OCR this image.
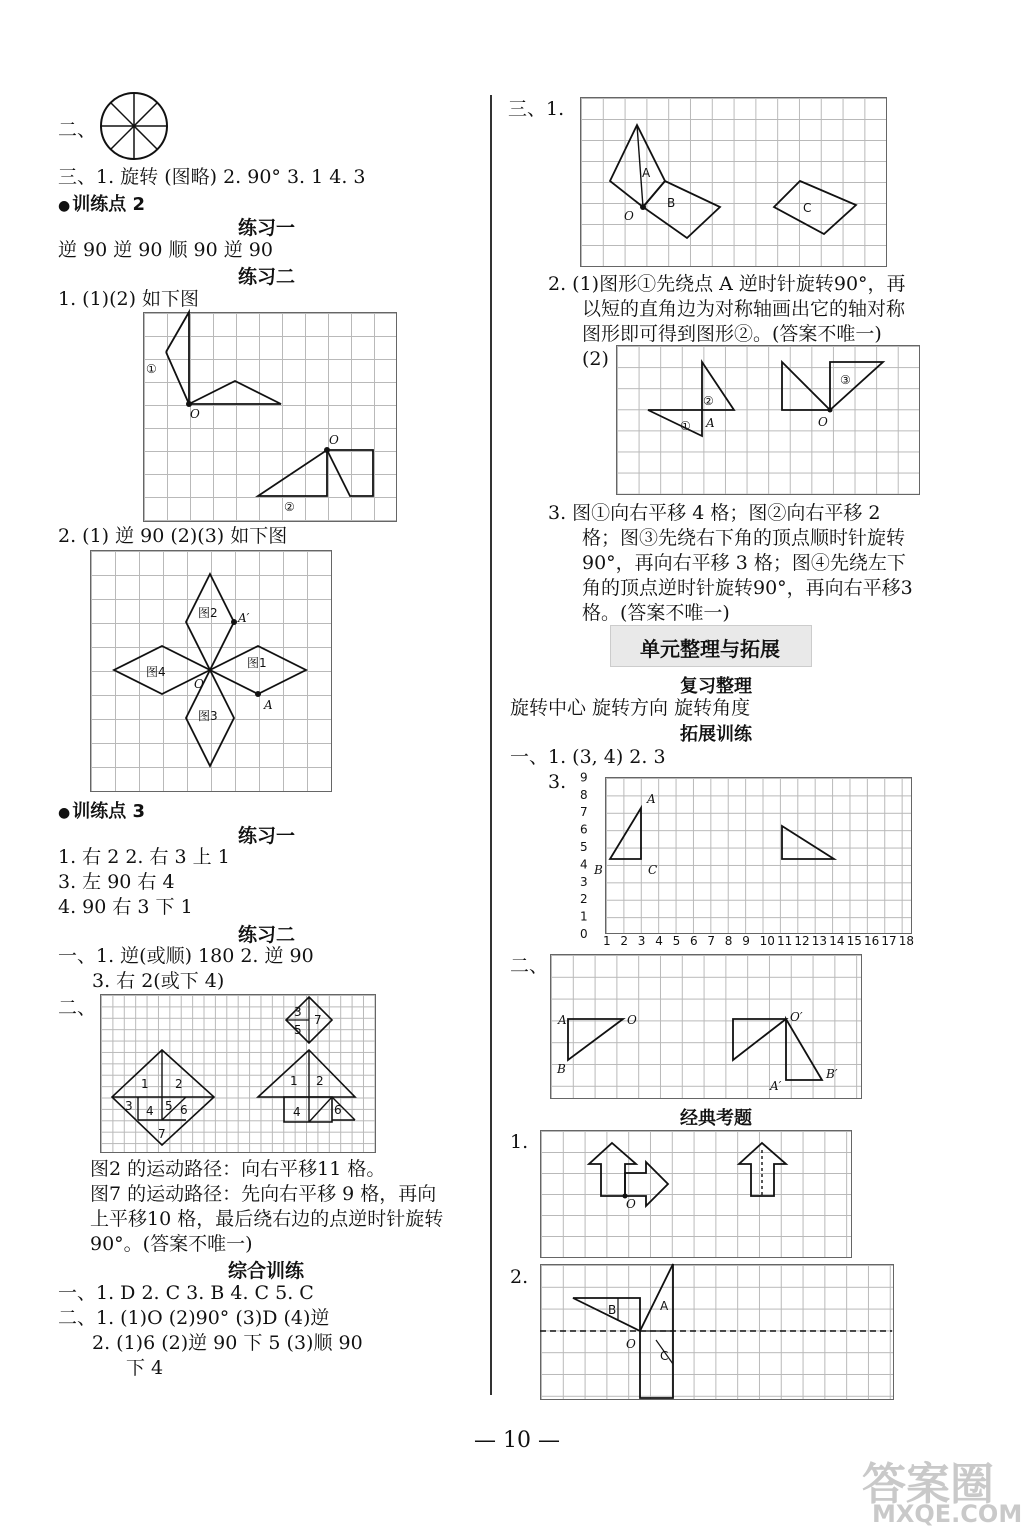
二、
三、1. 旋转 (图略) 2. 90° 3. 1 4. 3
● 训练点 2
练习一
逆 90 逆 90 顺 90 逆 90
练习二
1. (1)(2) 如下图
①
O
O
②
2. (1) 逆 90 (2)(3) 如下图
图2 A′
图4
图1
O
A
图3
● 训练点 3
练习一
1. 右 2 2. 右 3 上 1
3. 左 90 右 4
4. 90 右 3 下 1
练习二
一、1. 逆(或顺) 180 2. 逆 90
3. 右 2(或下 4)
二、
1 2
3 4 5 6
7
3
5
7
1 2
4	6
图2 的运动路径：向右平移11 格。
图7 的运动路径：先向右平移 9 格，再向
上平移10 格，最后绕右边的点逆时针旋转
90°。(答案不唯一)
综合训练
一、1. D 2. C 3. B 4. C 5. C
二、1. (1)O (2)90° (3)D (4)逆
2. (1)6 (2)逆 90 下 5 (3)顺 90
下 4
三、1.
A
B
O
C
2. (1)图形①先绕点 A 逆时针旋转90°，再
以短的直角边为对称轴画出它的轴对称
图形即可得到图形②。(答案不唯一)
(2)
②
① A
③
O
3. 图①向右平移 4 格；图②向右平移 2
格；图③先绕右下角的顶点顺时针旋转
90°，再向右平移 3 格；图④先绕左下
角的顶点逆时针旋转90°，再向右平移3
格。(答案不唯一)
单元整理与拓展
复习整理
旋转中心 旋转方向 旋转角度
拓展训练
一、1. (3, 4) 2. 3
3.
0
1
2
3
4
5
6
7
8
9
1 2 3 4 5 6 7 8 9 10 11 12 13 14 15 16 17 18
A
B	C
二、
A	O
B
O′
A′
B′
经典考题
1.
O
2.
B	A
O
C
— 10 —
答案圈
MXQE.COM
